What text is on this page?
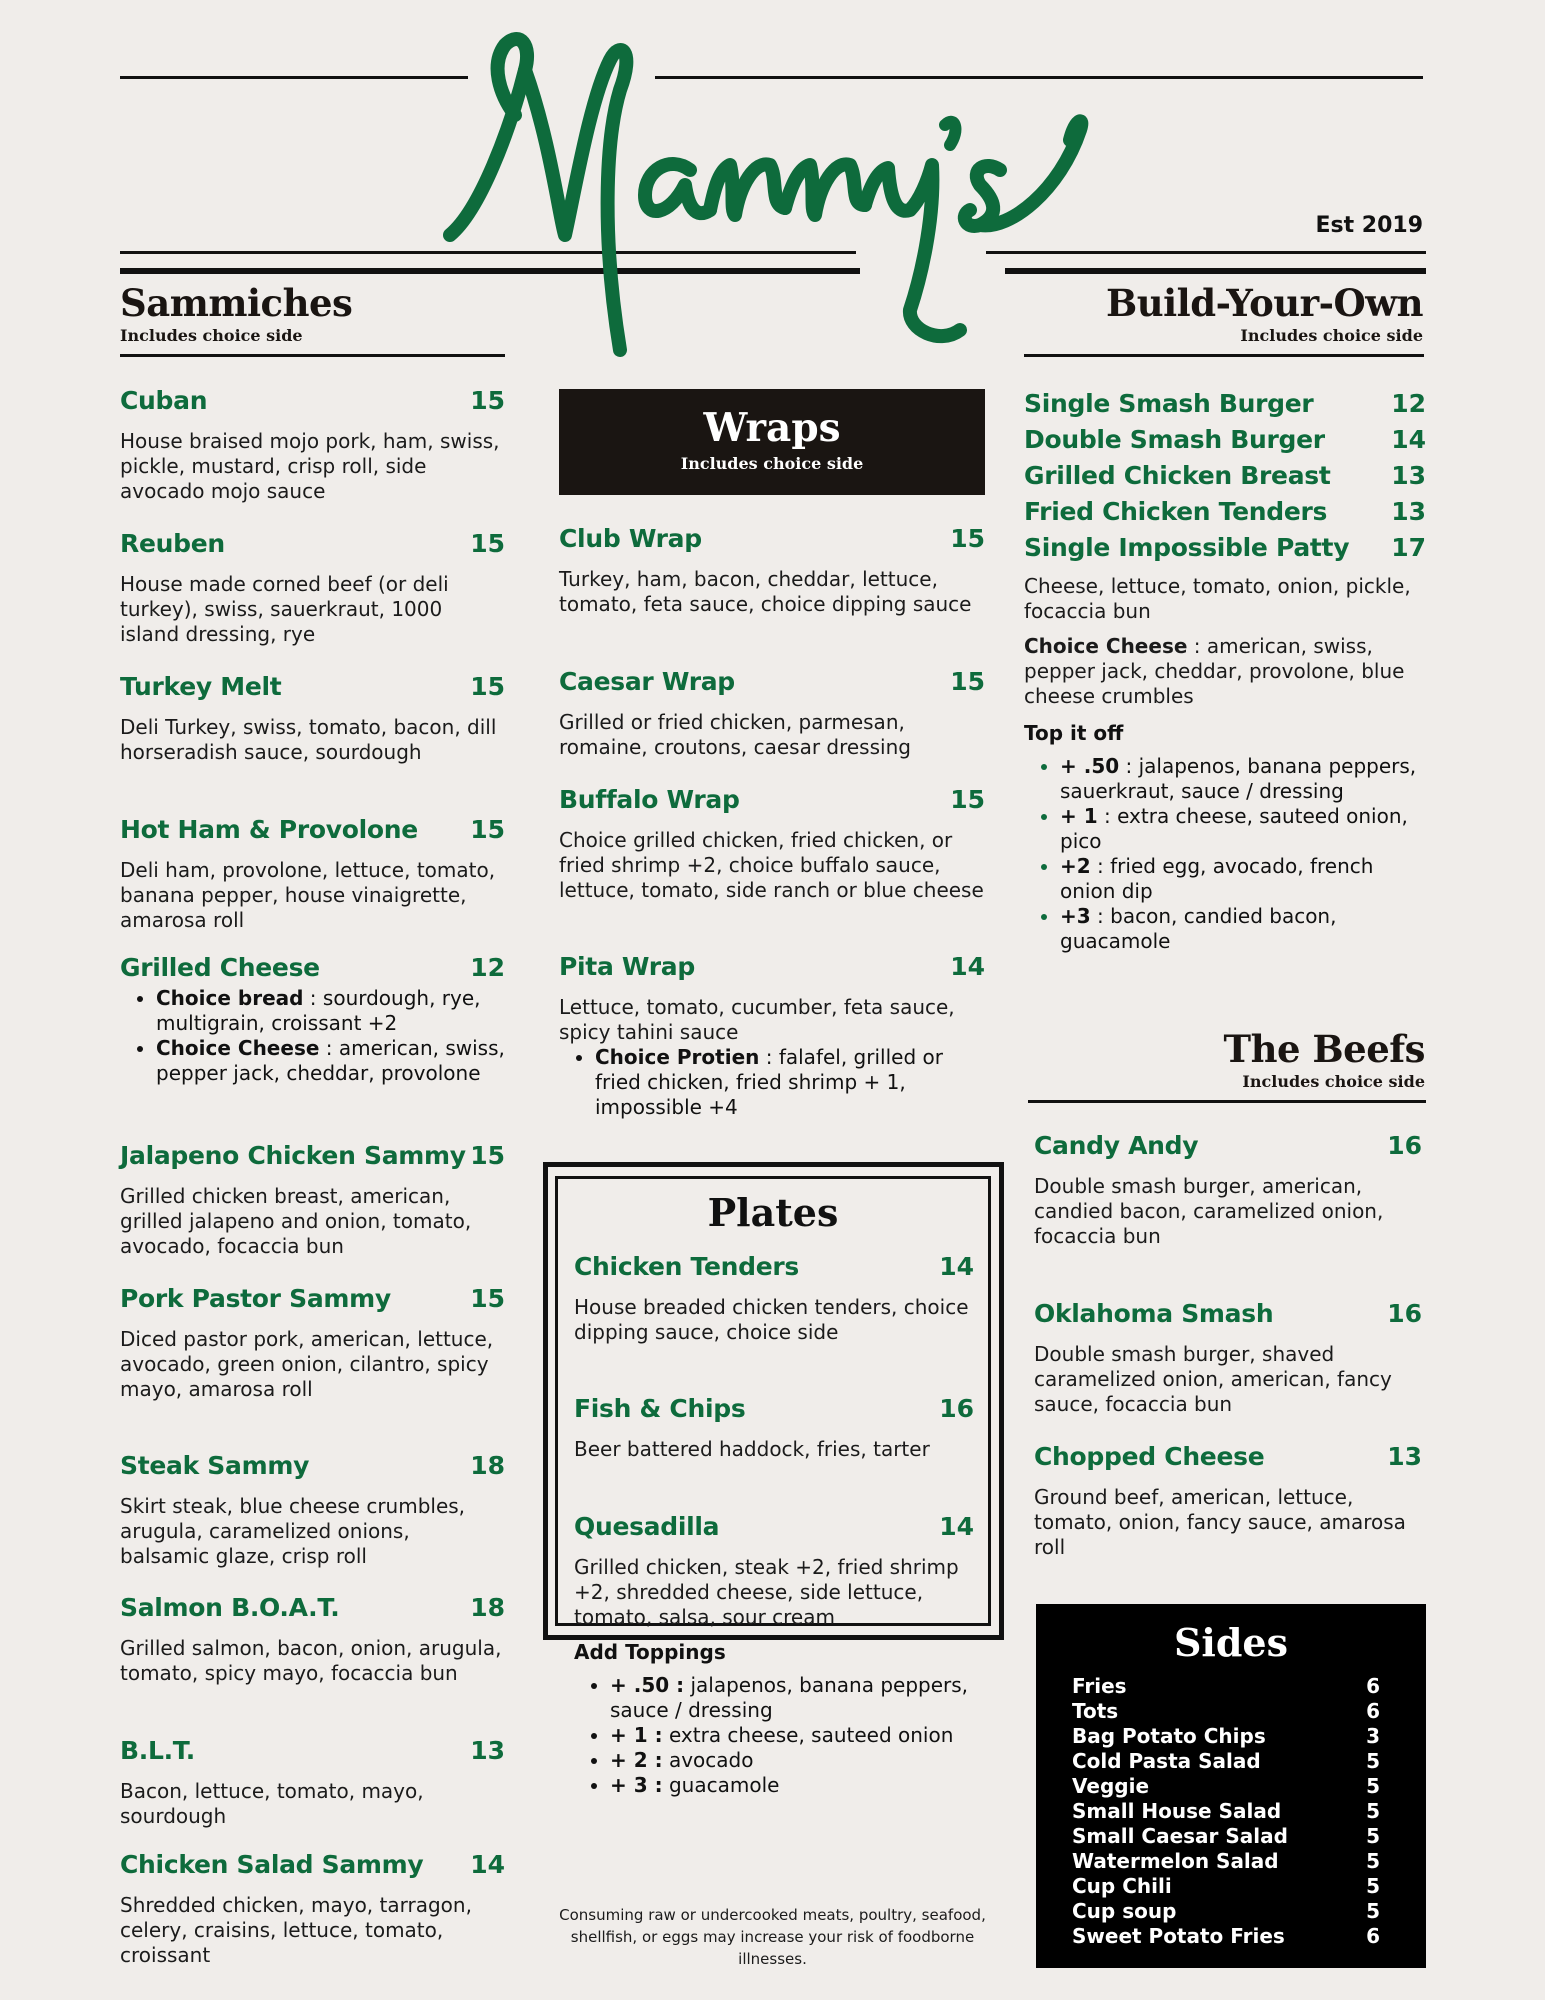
Est 2019
Sammiches
Includes choice side
Cuban	15
House braised mojo pork, ham, swiss, pickle, mustard, crisp roll, side avocado mojo sauce
Reuben	15
House made corned beef (or deli turkey), swiss, sauerkraut, 1000 island dressing, rye
Turkey Melt	15
Deli Turkey, swiss, tomato, bacon, dill horseradish sauce, sourdough
Hot Ham & Provolone 15
Deli ham, provolone, lettuce, tomato, banana pepper, house vinaigrette, amarosa roll
Grilled Cheese	12
• Choice bread : sourdough, rye, multigrain, croissant +2
• Choice Cheese : american, swiss, pepper jack, cheddar, provolone
Jalapeno Chicken Sammy 15
Grilled chicken breast, american, grilled jalapeno and onion, tomato, avocado, focaccia bun
Pork Pastor Sammy	15
Diced pastor pork, american, lettuce, avocado, green onion, cilantro, spicy mayo, amarosa roll
Steak Sammy	18
Skirt steak, blue cheese crumbles, arugula, caramelized onions, balsamic glaze, crisp roll
Salmon B.O.A.T.	18
Grilled salmon, bacon, onion, arugula, tomato, spicy mayo, focaccia bun
B.L.T.	13
Bacon, lettuce, tomato, mayo, sourdough
Chicken Salad Sammy 14
Shredded chicken, mayo, tarragon, celery, craisins, lettuce, tomato, croissant
Wraps
Includes choice side
Club Wrap	15
Turkey, ham, bacon, cheddar, lettuce, tomato, feta sauce, choice dipping sauce
Caesar Wrap	15
Grilled or fried chicken, parmesan, romaine, croutons, caesar dressing
Buffalo Wrap	15
Choice grilled chicken, fried chicken, or fried shrimp +2, choice buffalo sauce, lettuce, tomato, side ranch or blue cheese
Pita Wrap	14
Lettuce, tomato, cucumber, feta sauce, spicy tahini sauce
• Choice Protien : falafel, grilled or fried chicken, fried shrimp + 1, impossible +4
Plates
Chicken Tenders	14
House breaded chicken tenders, choice dipping sauce, choice side
Fish & Chips	16
Beer battered haddock, fries, tarter
Quesadilla	14
Grilled chicken, steak +2, fried shrimp +2, shredded cheese, side lettuce, tomato, salsa, sour cream
Add Toppings
• + .50 : jalapenos, banana peppers, sauce / dressing
• + 1 : extra cheese, sauteed onion
• + 2 : avocado
• + 3 : guacamole
Consuming raw or undercooked meats, poultry, seafood, shellfish, or eggs may increase your risk of foodborne illnesses.
Build-Your-Own
Includes choice side
Single Smash Burger	12
Double Smash Burger	14
Grilled Chicken Breast 13
Fried Chicken Tenders	13
Single Impossible Patty 17
Cheese, lettuce, tomato, onion, pickle, focaccia bun
Choice Cheese : american, swiss, pepper jack, cheddar, provolone, blue cheese crumbles
Top it off
• + .50 : jalapenos, banana peppers, sauerkraut, sauce / dressing
• + 1 : extra cheese, sauteed onion, pico
• +2 : fried egg, avocado, french onion dip
• +3 : bacon, candied bacon, guacamole
The Beefs
Includes choice side
Candy Andy	16
Double smash burger, american, candied bacon, caramelized onion, focaccia bun
Oklahoma Smash	16
Double smash burger, shaved caramelized onion, american, fancy sauce, focaccia bun
Chopped Cheese	13
Ground beef, american, lettuce, tomato, onion, fancy sauce, amarosa roll
Sides
Fries	6
Tots	6
Bag Potato Chips	3
Cold Pasta Salad	5
Veggie	5
Small House Salad	5
Small Caesar Salad	5
Watermelon Salad	5
Cup Chili	5
Cup soup	5
Sweet Potato Fries	6
